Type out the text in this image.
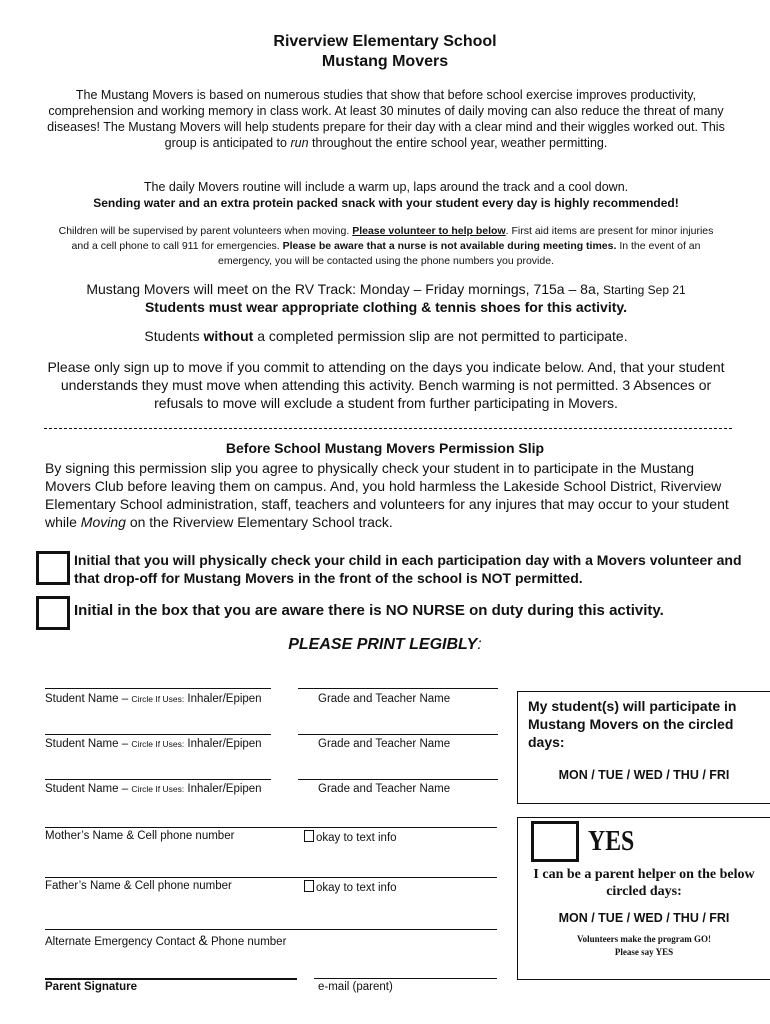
Riverview Elementary School
Mustang Movers
The Mustang Movers is based on numerous studies that show that before school exercise improves productivity, comprehension and working memory in class work. At least 30 minutes of daily moving can also reduce the threat of many diseases! The Mustang Movers will help students prepare for their day with a clear mind and their wiggles worked out. This group is anticipated to run throughout the entire school year, weather permitting.
The daily Movers routine will include a warm up, laps around the track and a cool down.
Sending water and an extra protein packed snack with your student every day is highly recommended!
Children will be supervised by parent volunteers when moving. Please volunteer to help below. First aid items are present for minor injuries and a cell phone to call 911 for emergencies. Please be aware that a nurse is not available during meeting times. In the event of an emergency, you will be contacted using the phone numbers you provide.
Mustang Movers will meet on the RV Track: Monday – Friday mornings, 715a – 8a, Starting Sep 21
Students must wear appropriate clothing & tennis shoes for this activity.
Students without a completed permission slip are not permitted to participate.
Please only sign up to move if you commit to attending on the days you indicate below. And, that your student understands they must move when attending this activity. Bench warming is not permitted. 3 Absences or refusals to move will exclude a student from further participating in Movers.
Before School Mustang Movers Permission Slip
By signing this permission slip you agree to physically check your student in to participate in the Mustang Movers Club before leaving them on campus. And, you hold harmless the Lakeside School District, Riverview Elementary School administration, staff, teachers and volunteers for any injures that may occur to your student while Moving on the Riverview Elementary School track.
Initial that you will physically check your child in each participation day with a Movers volunteer and that drop-off for Mustang Movers in the front of the school is NOT permitted.
Initial in the box that you are aware there is NO NURSE on duty during this activity.
PLEASE PRINT LEGIBLY:
Student Name – Circle If Uses: Inhaler/Epipen	Grade and Teacher Name
Student Name – Circle If Uses: Inhaler/Epipen	Grade and Teacher Name
Student Name – Circle If Uses: Inhaler/Epipen	Grade and Teacher Name
Mother’s Name & Cell phone number	okay to text info
Father’s Name & Cell phone number	okay to text info
Alternate Emergency Contact & Phone number
Parent Signature	e-mail (parent)
My student(s) will participate in Mustang Movers on the circled days:
MON / TUE / WED / THU / FRI
YES
I can be a parent helper on the below circled days:
MON / TUE / WED / THU / FRI
Volunteers make the program GO!
Please say YES
